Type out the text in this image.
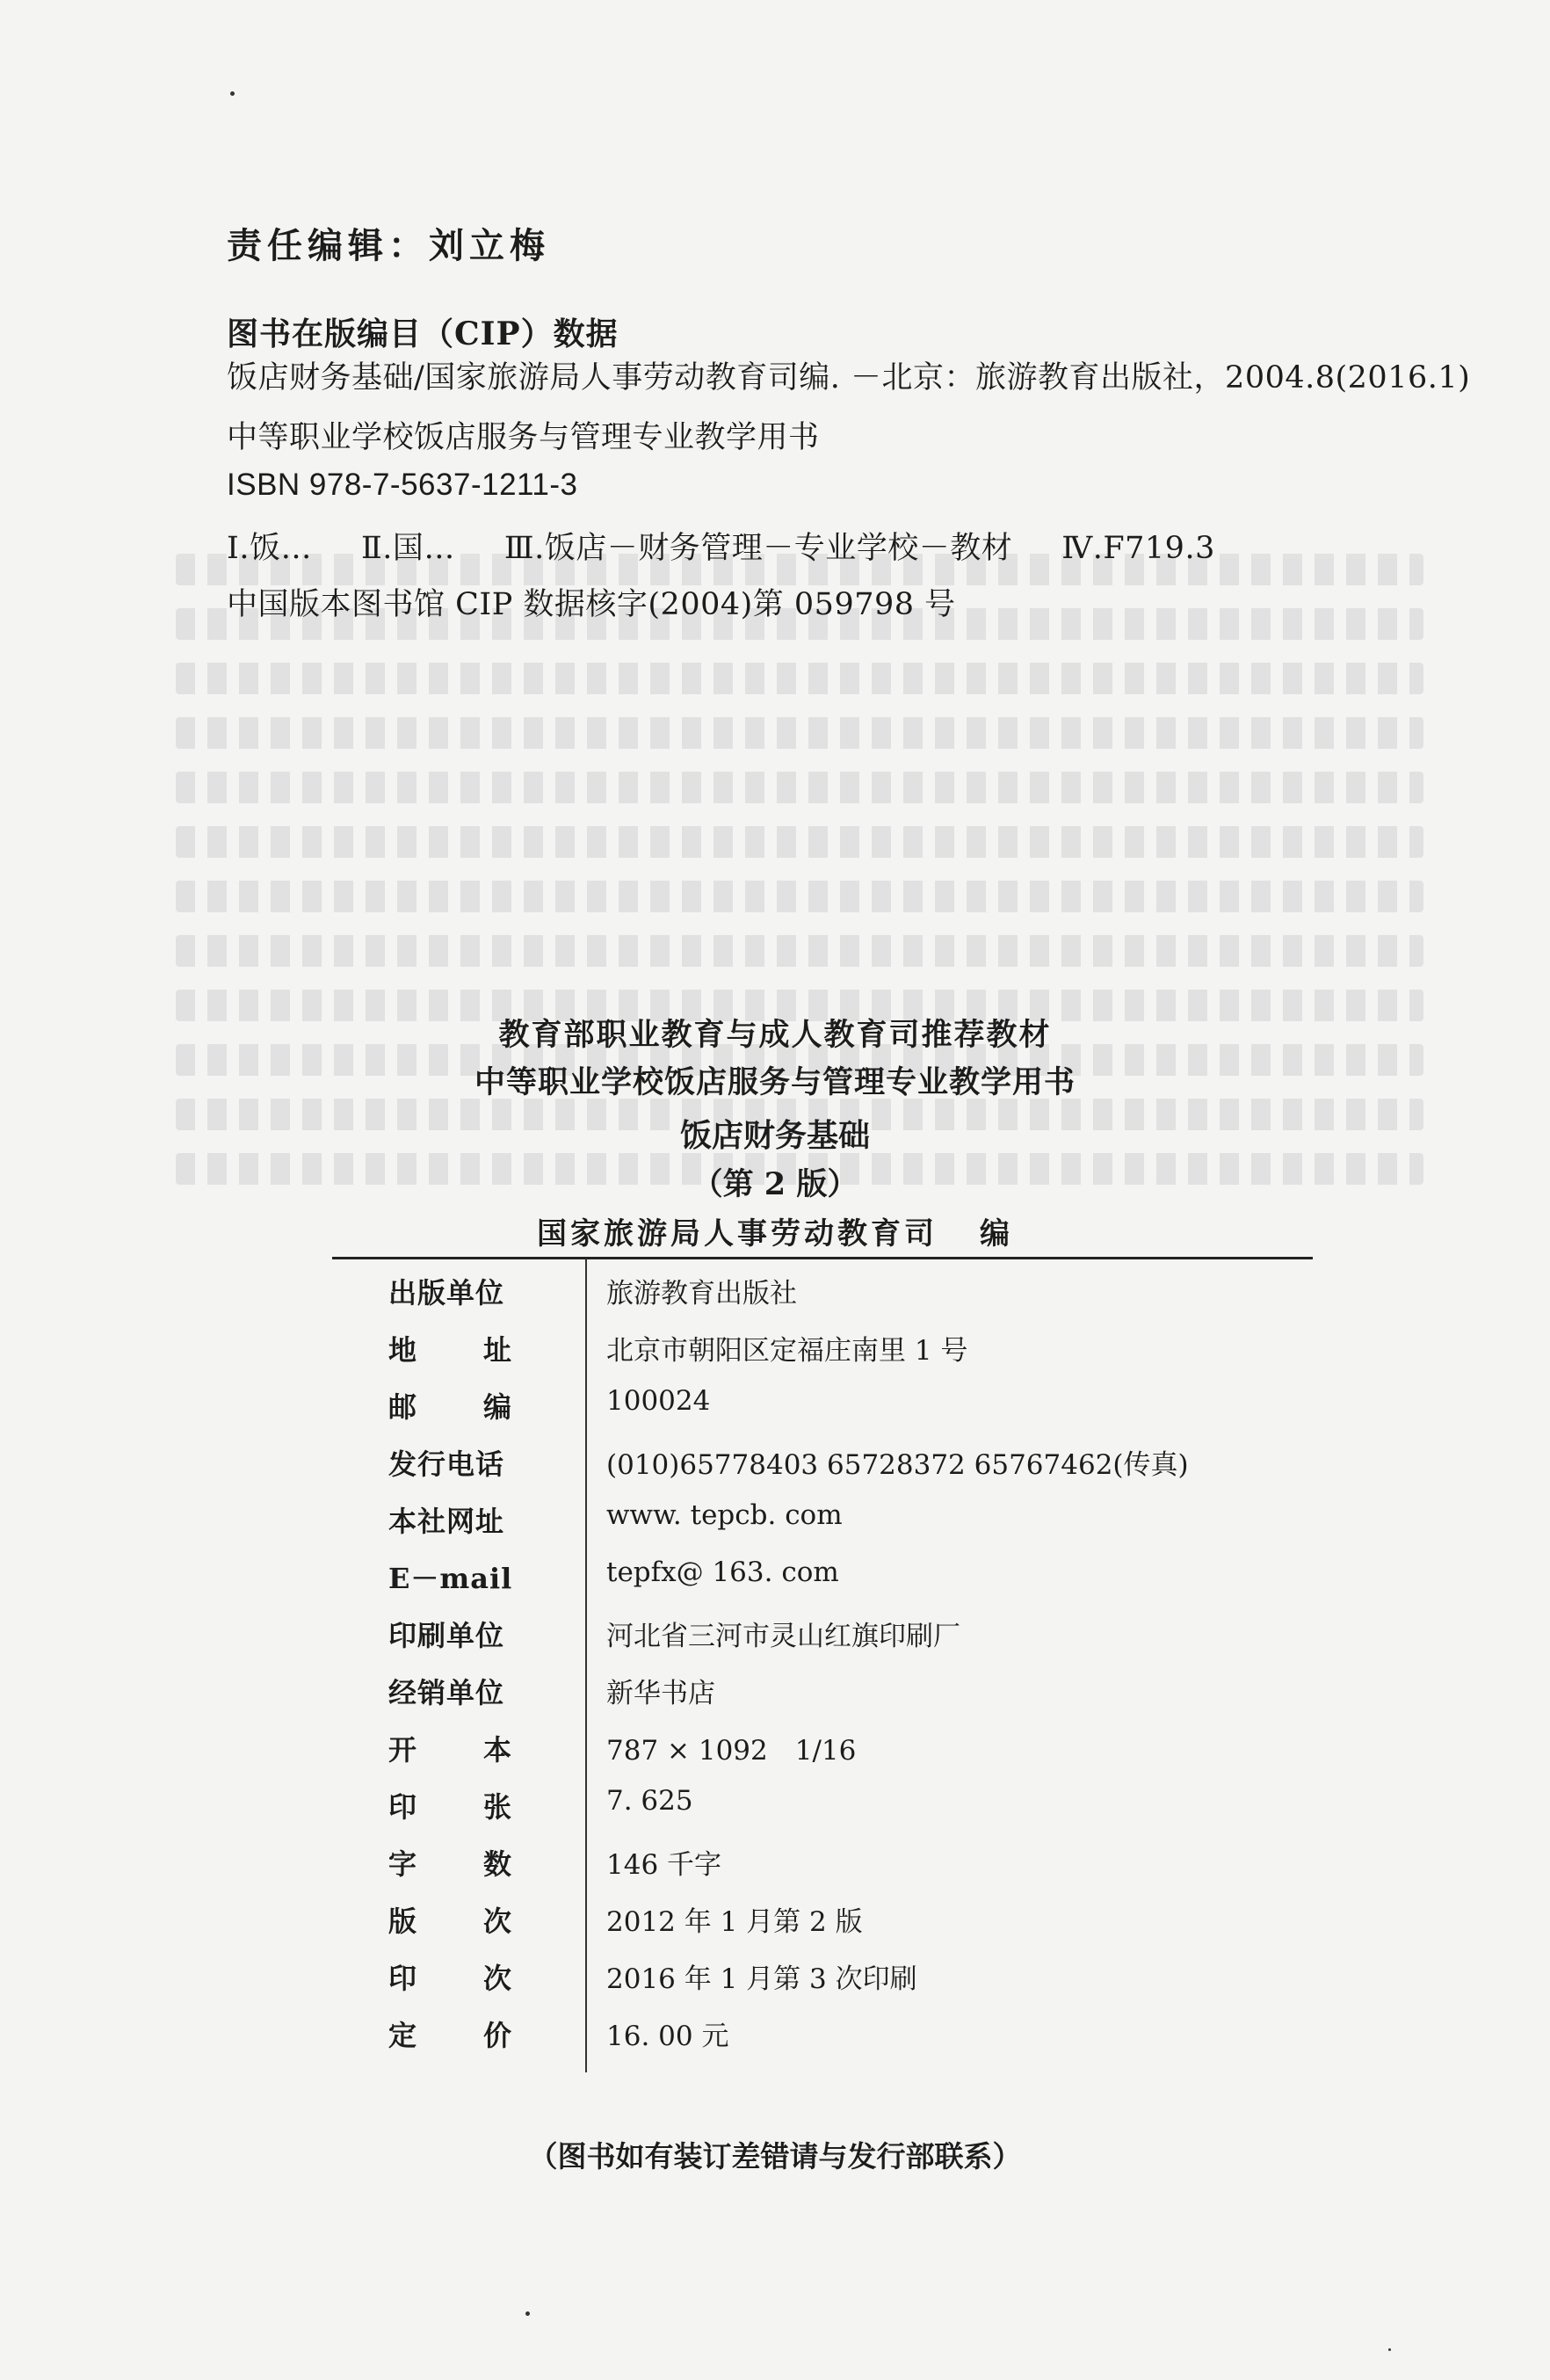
责任编辑：刘立梅
图书在版编目（CIP）数据
饭店财务基础/国家旅游局人事劳动教育司编. －北京：旅游教育出版社，2004.8(2016.1)
中等职业学校饭店服务与管理专业教学用书
ISBN 978-7-5637-1211-3
Ⅰ.饭… Ⅱ.国… Ⅲ.饭店－财务管理－专业学校－教材 Ⅳ.F719.3
中国版本图书馆 CIP 数据核字(2004)第 059798 号
教育部职业教育与成人教育司推荐教材
中等职业学校饭店服务与管理专业教学用书
饭店财务基础
（第 2 版）
国家旅游局人事劳动教育司 编
出版单位	旅游教育出版社
地 址	北京市朝阳区定福庄南里 1 号
邮 编	100024
发行电话	(010)65778403 65728372 65767462(传真)
本社网址	www. tepcb. com
E－mail	tepfx@ 163. com
印刷单位	河北省三河市灵山红旗印刷厂
经销单位	新华书店
开 本	787 × 1092　1/16
印 张	7. 625
字 数	146 千字
版 次	2012 年 1 月第 2 版
印 次	2016 年 1 月第 3 次印刷
定 价	16. 00 元
（图书如有装订差错请与发行部联系）
